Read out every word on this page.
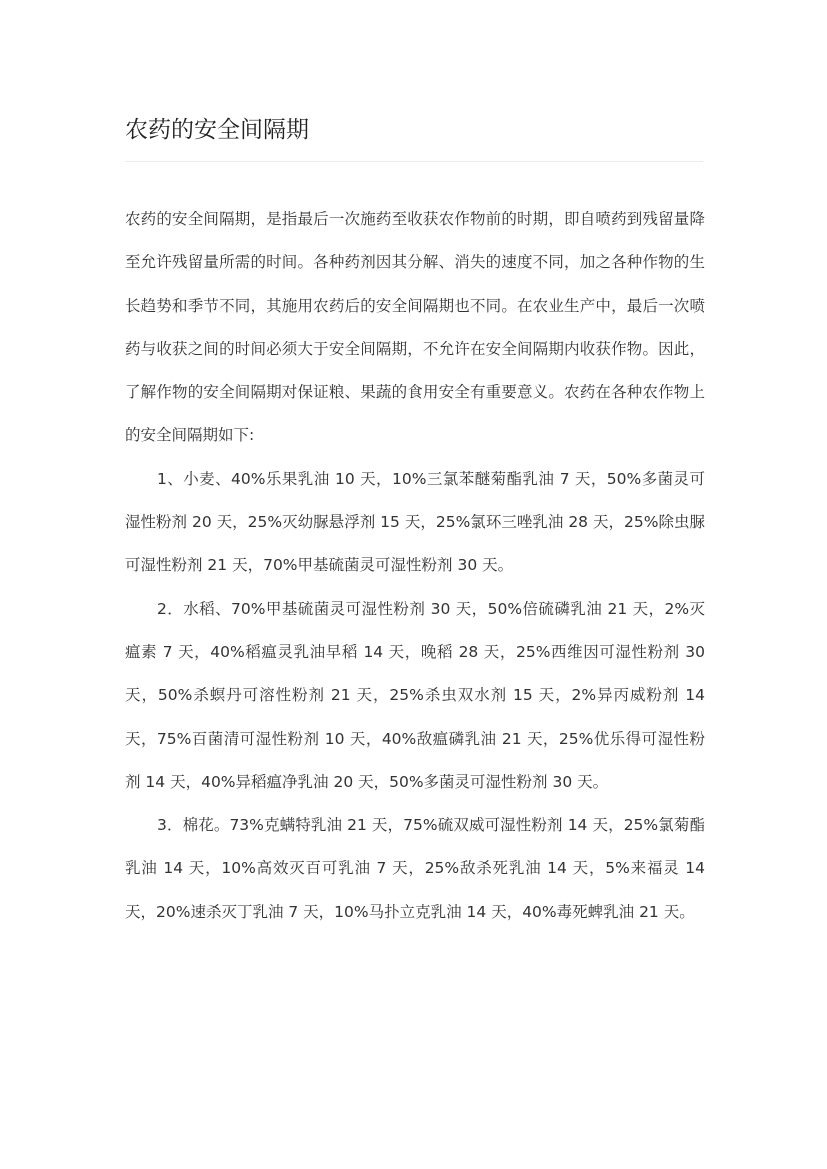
农药的安全间隔期

农药的安全间隔期，是指最后一次施药至收获农作物前的时期，即自喷药到残留量降至允许残留量所需的时间。各种药剂因其分解、消失的速度不同，加之各种作物的生长趋势和季节不同，其施用农药后的安全间隔期也不同。在农业生产中，最后一次喷药与收获之间的时间必须大于安全间隔期，不允许在安全间隔期内收获作物。因此，了解作物的安全间隔期对保证粮、果蔬的食用安全有重要意义。农药在各种农作物上的安全间隔期如下:

1、小麦、40%乐果乳油 10 天，10%三氯苯醚菊酯乳油 7 天，50%多菌灵可湿性粉剂 20 天，25%灭幼脲悬浮剂 15 天，25%氯环三唑乳油 28 天，25%除虫脲可湿性粉剂 21 天，70%甲基硫菌灵可湿性粉剂 30 天。

2．水稻、70%甲基硫菌灵可湿性粉剂 30 天，50%倍硫磷乳油 21 天，2%灭瘟素 7 天，40%稻瘟灵乳油早稻 14 天，晚稻 28 天，25%西维因可湿性粉剂 30 天，50%杀螟丹可溶性粉剂 21 天，25%杀虫双水剂 15 天，2%异丙威粉剂 14 天，75%百菌清可湿性粉剂 10 天，40%敌瘟磷乳油 21 天，25%优乐得可湿性粉剂 14 天，40%异稻瘟净乳油 20 天，50%多菌灵可湿性粉剂 30 天。

3．棉花。73%克螨特乳油 21 天，75%硫双威可湿性粉剂 14 天，25%氯菊酯乳油 14 天，10%高效灭百可乳油 7 天，25%敌杀死乳油 14 天，5%来福灵 14 天，20%速杀灭丁乳油 7 天，10%马扑立克乳油 14 天，40%毒死蜱乳油 21 天。
